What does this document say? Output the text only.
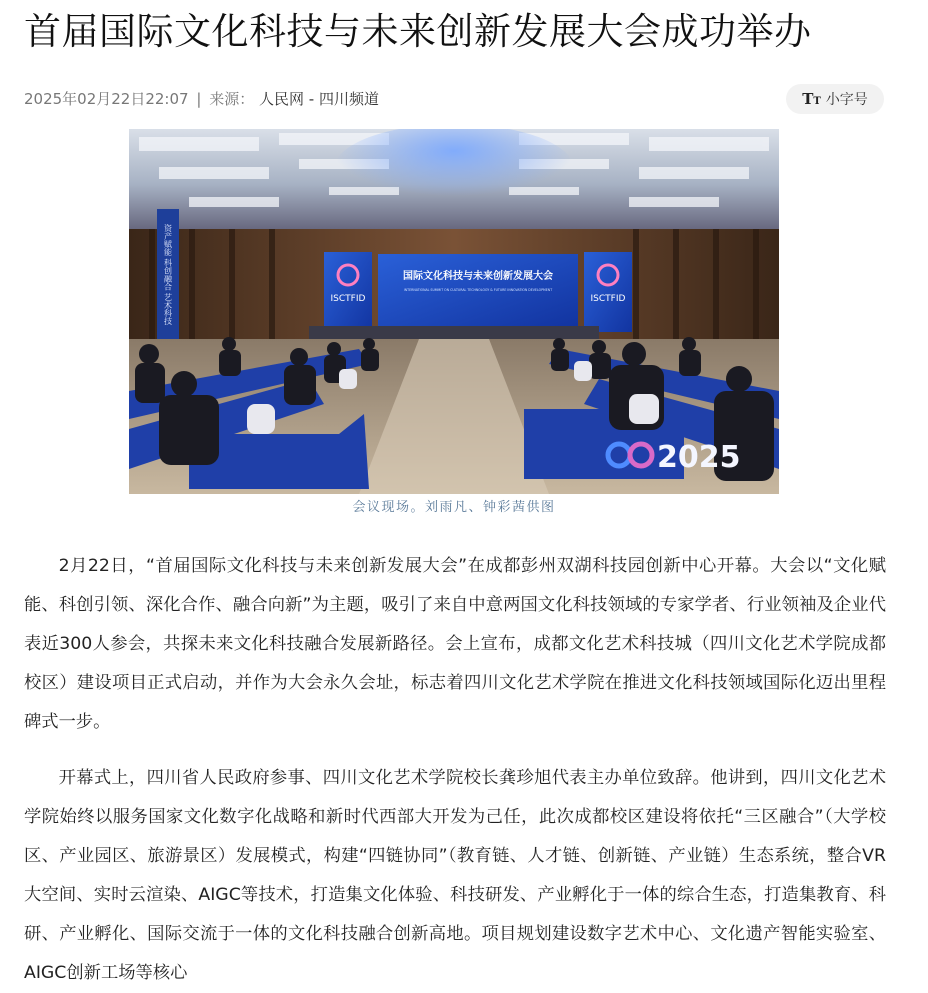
首届国际文化科技与未来创新发展大会成功举办
2025年02月22日22:07 | 来源： 人民网 - 四川频道	TT 小字号
资产赋能 科创融合 艺术科技	ISCTFID	ISCTFID
国际文化科技与未来创新发展大会
INTERNATIONAL SUMMIT ON CULTURAL TECHNOLOGY & FUTURE INNOVATION DEVELOPMENT
2025
会议现场。刘雨凡、钟彩茜供图

2月22日，“首届国际文化科技与未来创新发展大会”在成都彭州双湖科技园创新中心开幕。大会以“文化赋能、科创引领、深化合作、融合向新”为主题，吸引了来自中意两国文化科技领域的专家学者、行业领袖及企业代表近300人参会，共探未来文化科技融合发展新路径。会上宣布，成都文化艺术科技城（四川文化艺术学院成都校区）建设项目正式启动，并作为大会永久会址，标志着四川文化艺术学院在推进文化科技领域国际化迈出里程碑式一步。

开幕式上，四川省人民政府参事、四川文化艺术学院校长龚珍旭代表主办单位致辞。他讲到，四川文化艺术学院始终以服务国家文化数字化战略和新时代西部大开发为己任，此次成都校区建设将依托“三区融合”（大学校区、产业园区、旅游景区）发展模式，构建“四链协同”（教育链、人才链、创新链、产业链）生态系统，整合VR大空间、实时云渲染、AIGC等技术，打造集文化体验、科技研发、产业孵化于一体的综合生态，打造集教育、科研、产业孵化、国际交流于一体的文化科技融合创新高地。项目规划建设数字艺术中心、文化遗产智能实验室、AIGC创新工场等核心
